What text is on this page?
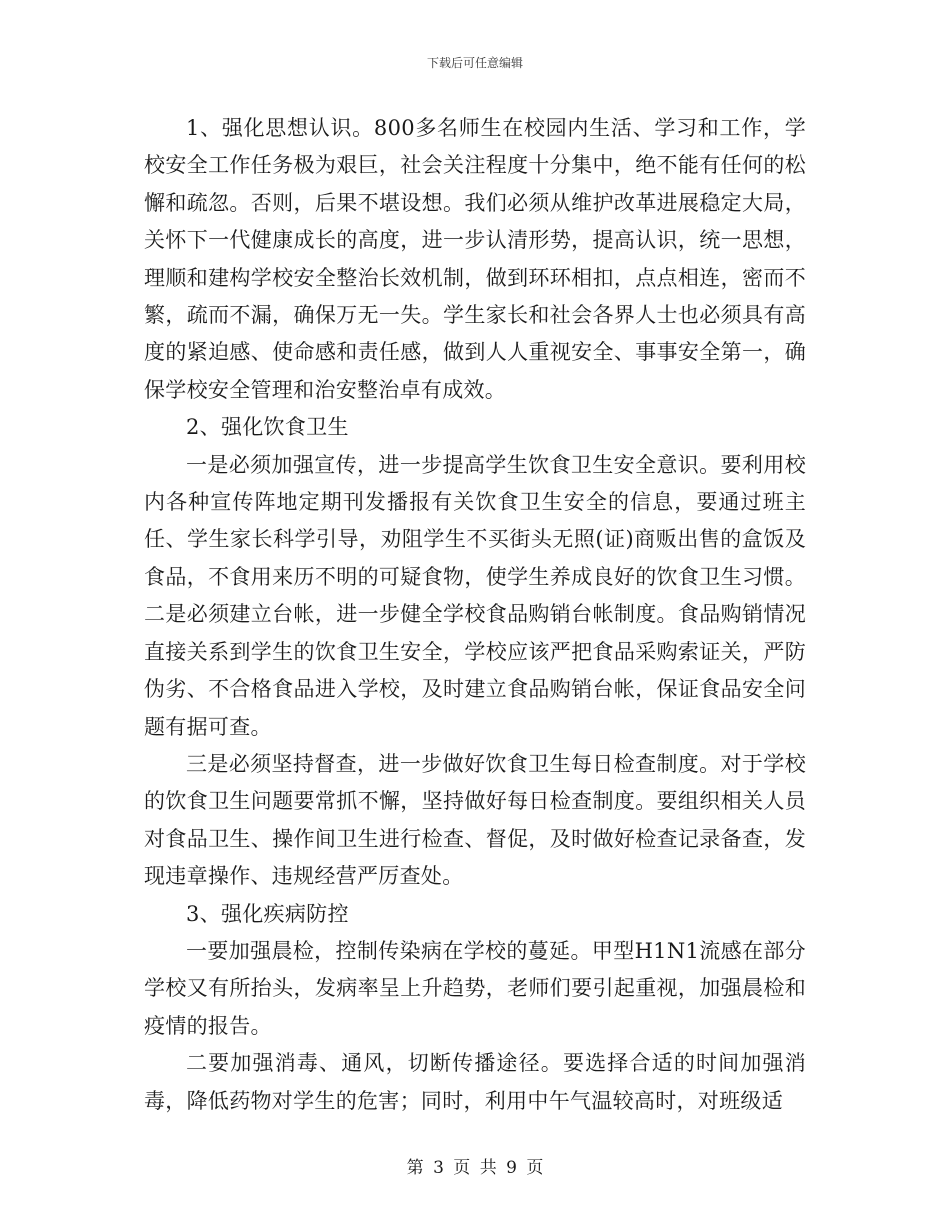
下载后可任意编辑

1、强化思想认识。800多名师生在校园内生活、学习和工作，学校安全工作任务极为艰巨，社会关注程度十分集中，绝不能有任何的松懈和疏忽。否则，后果不堪设想。我们必须从维护改革进展稳定大局，关怀下一代健康成长的高度，进一步认清形势，提高认识，统一思想，理顺和建构学校安全整治长效机制，做到环环相扣，点点相连，密而不繁，疏而不漏，确保万无一失。学生家长和社会各界人士也必须具有高度的紧迫感、使命感和责任感，做到人人重视安全、事事安全第一，确保学校安全管理和治安整治卓有成效。

2、强化饮食卫生

一是必须加强宣传，进一步提高学生饮食卫生安全意识。要利用校内各种宣传阵地定期刊发播报有关饮食卫生安全的信息，要通过班主任、学生家长科学引导，劝阻学生不买街头无照(证)商贩出售的盒饭及食品，不食用来历不明的可疑食物，使学生养成良好的饮食卫生习惯。二是必须建立台帐，进一步健全学校食品购销台帐制度。食品购销情况直接关系到学生的饮食卫生安全，学校应该严把食品采购索证关，严防伪劣、不合格食品进入学校，及时建立食品购销台帐，保证食品安全问题有据可查。

三是必须坚持督查，进一步做好饮食卫生每日检查制度。对于学校的饮食卫生问题要常抓不懈，坚持做好每日检查制度。要组织相关人员对食品卫生、操作间卫生进行检查、督促，及时做好检查记录备查，发现违章操作、违规经营严厉查处。

3、强化疾病防控

一要加强晨检，控制传染病在学校的蔓延。甲型H1N1流感在部分学校又有所抬头，发病率呈上升趋势，老师们要引起重视，加强晨检和疫情的报告。

二要加强消毒、通风，切断传播途径。要选择合适的时间加强消毒，降低药物对学生的危害；同时，利用中午气温较高时，对班级适

第 3 页 共 9 页
